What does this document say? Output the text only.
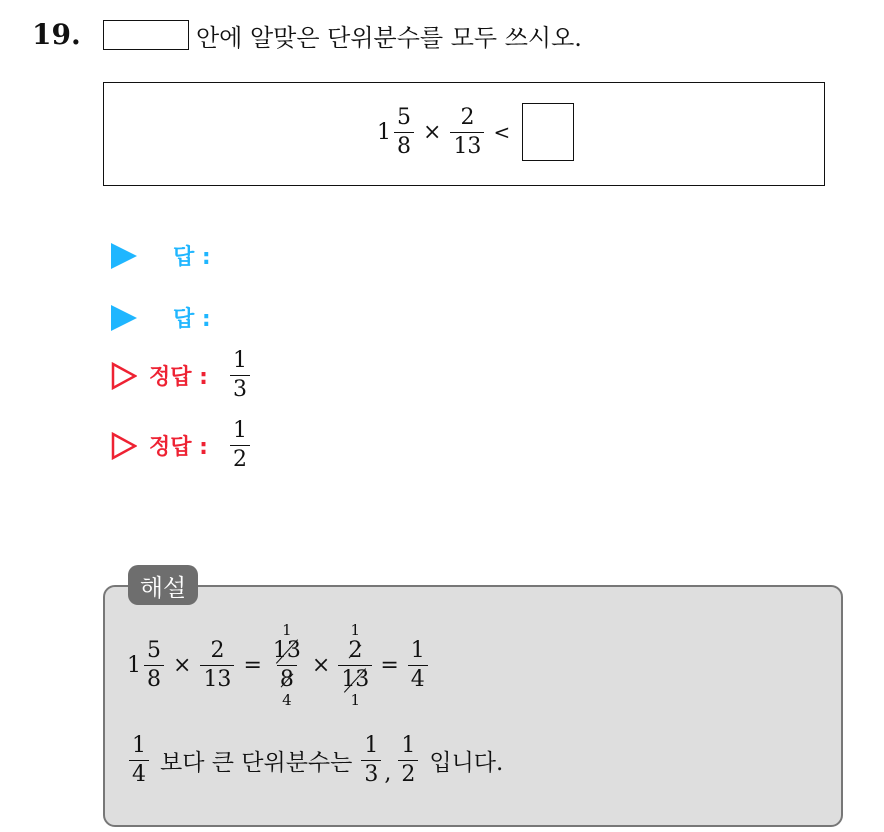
19.	안에 알맞은 단위분수를 모두 쓰시오.
$1 \frac{5}{8} \times \frac{2}{13}$ <
답 :
답 :
정답 : $\frac{1}{3}$
정답 : $\frac{1}{2}$
$1 \frac{5}{8} \times \frac{2}{13}$ =
1
$\frac{13}{8}$
4
×
1
$\frac{2}{13}$
1
= $\frac{1}{4}$
$\frac{1}{4}$ 보다 큰 단위분수는 $\frac{1}{3}$ , $\frac{1}{2}$ 입니다.
해설
